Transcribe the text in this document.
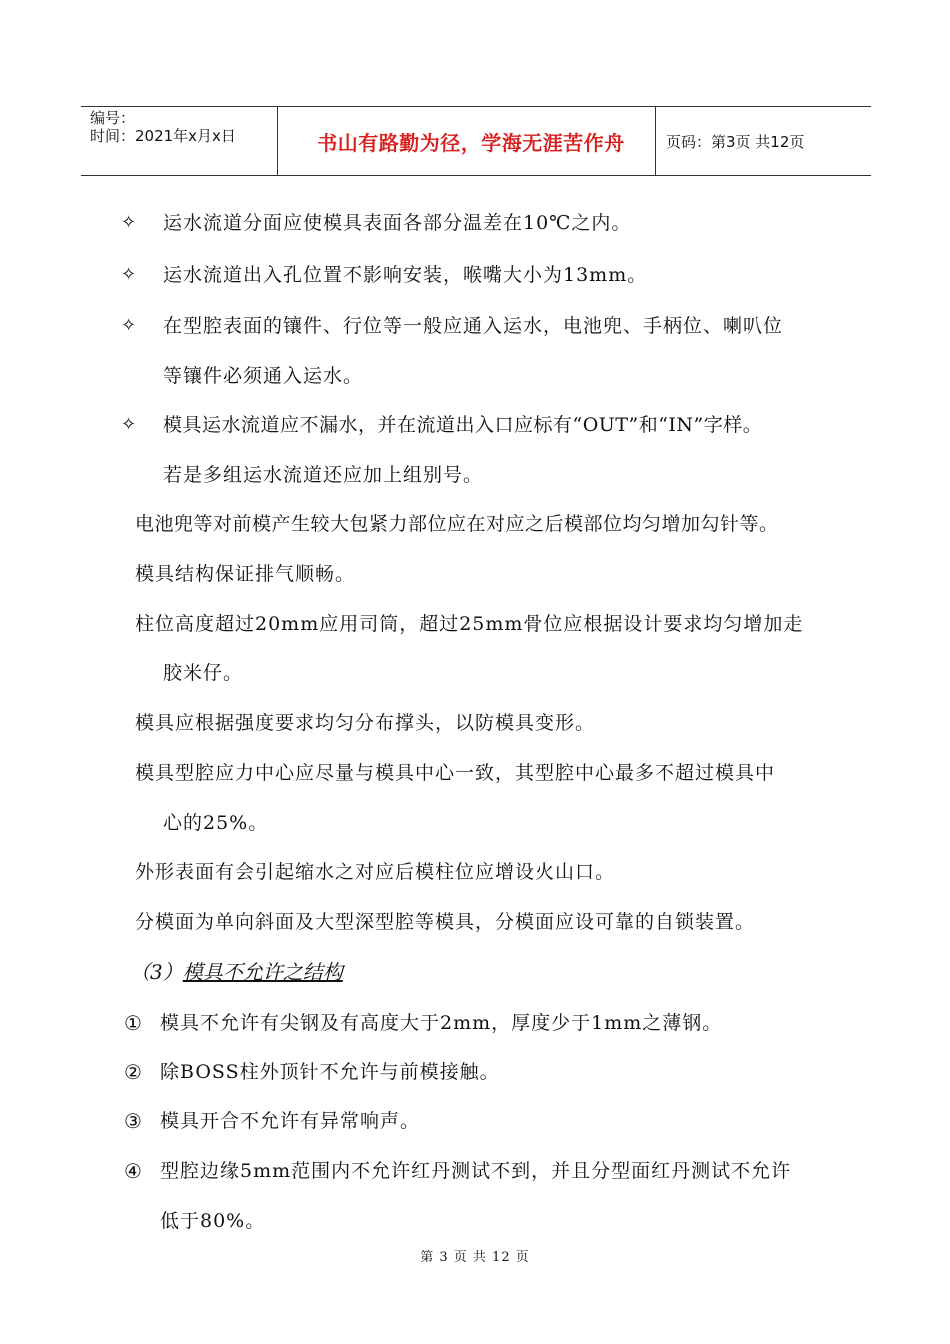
编号：
时间：2021年x月x日	书山有路勤为径，学海无涯苦作舟	页码：第3页 共12页
✧ 运水流道分面应使模具表面各部分温差在10℃之内。
✧ 运水流道出入孔位置不影响安装，喉嘴大小为13mm。
✧ 在型腔表面的镶件、行位等一般应通入运水，电池兜、手柄位、喇叭位
等镶件必须通入运水。
✧ 模具运水流道应不漏水，并在流道出入口应标有“OUT”和“IN”字样。
若是多组运水流道还应加上组别号。
电池兜等对前模产生较大包紧力部位应在对应之后模部位均匀增加勾针等。
模具结构保证排气顺畅。
柱位高度超过20mm应用司筒，超过25mm骨位应根据设计要求均匀增加走
胶米仔。
模具应根据强度要求均匀分布撑头，以防模具变形。
模具型腔应力中心应尽量与模具中心一致，其型腔中心最多不超过模具中
心的25%。
外形表面有会引起缩水之对应后模柱位应增设火山口。
分模面为单向斜面及大型深型腔等模具，分模面应设可靠的自锁装置。
（3）模具不允许之结构
① 模具不允许有尖钢及有高度大于2mm，厚度少于1mm之薄钢。
② 除BOSS柱外顶针不允许与前模接触。
③ 模具开合不允许有异常响声。
④ 型腔边缘5mm范围内不允许红丹测试不到，并且分型面红丹测试不允许
低于80%。
第 3 页 共 12 页
